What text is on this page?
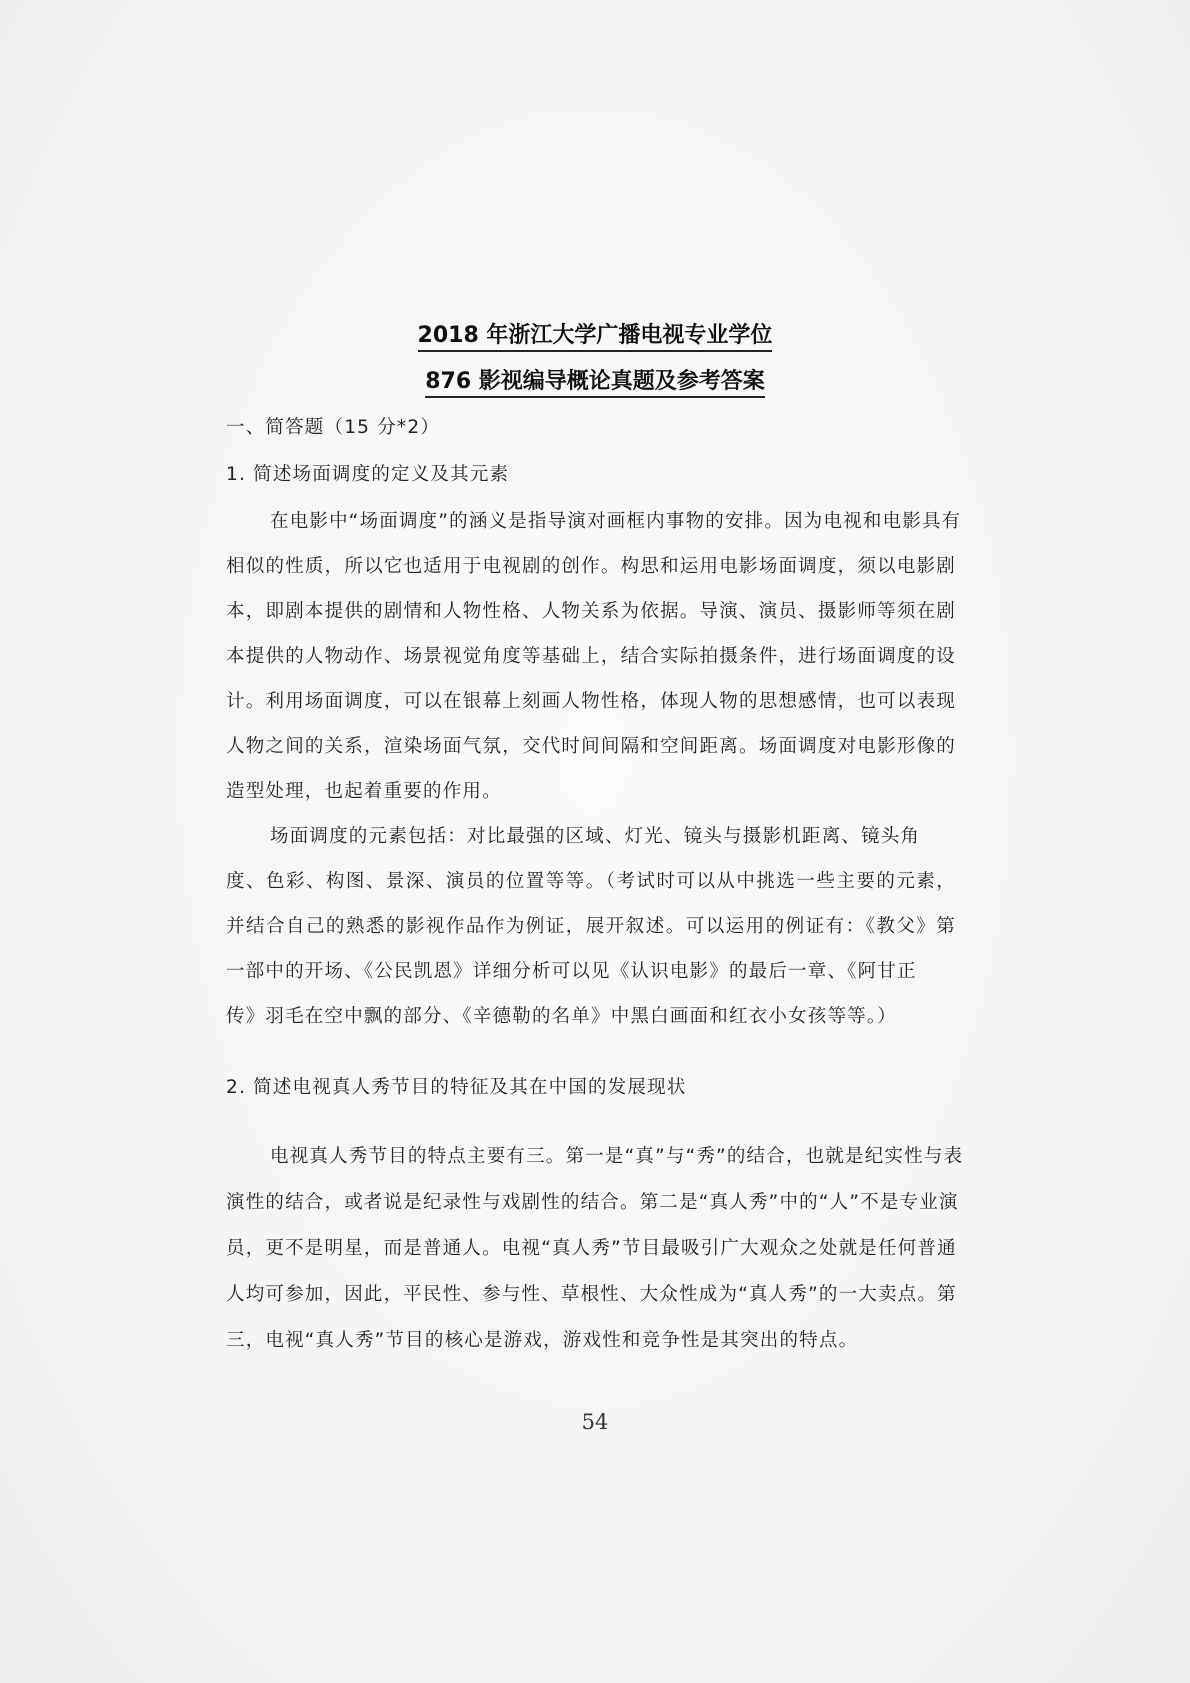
2018 年浙江大学广播电视专业学位
876 影视编导概论真题及参考答案
一、简答题（15 分*2）
1. 简述场面调度的定义及其元素
在电影中“场面调度”的涵义是指导演对画框内事物的安排。因为电视和电影具有
相似的性质，所以它也适用于电视剧的创作。构思和运用电影场面调度，须以电影剧
本，即剧本提供的剧情和人物性格、人物关系为依据。导演、演员、摄影师等须在剧
本提供的人物动作、场景视觉角度等基础上，结合实际拍摄条件，进行场面调度的设
计。利用场面调度，可以在银幕上刻画人物性格，体现人物的思想感情，也可以表现
人物之间的关系，渲染场面气氛，交代时间间隔和空间距离。场面调度对电影形像的
造型处理，也起着重要的作用。
场面调度的元素包括：对比最强的区域、灯光、镜头与摄影机距离、镜头角
度、色彩、构图、景深、演员的位置等等。（考试时可以从中挑选一些主要的元素，
并结合自己的熟悉的影视作品作为例证，展开叙述。可以运用的例证有：《教父》第
一部中的开场、《公民凯恩》详细分析可以见《认识电影》的最后一章、《阿甘正
传》羽毛在空中飘的部分、《辛德勒的名单》中黑白画面和红衣小女孩等等。）
2. 简述电视真人秀节目的特征及其在中国的发展现状
电视真人秀节目的特点主要有三。第一是“真”与“秀”的结合，也就是纪实性与表
演性的结合，或者说是纪录性与戏剧性的结合。第二是“真人秀”中的“人”不是专业演
员，更不是明星，而是普通人。电视“真人秀”节目最吸引广大观众之处就是任何普通
人均可参加，因此，平民性、参与性、草根性、大众性成为“真人秀”的一大卖点。第
三，电视“真人秀”节目的核心是游戏，游戏性和竞争性是其突出的特点。
54
